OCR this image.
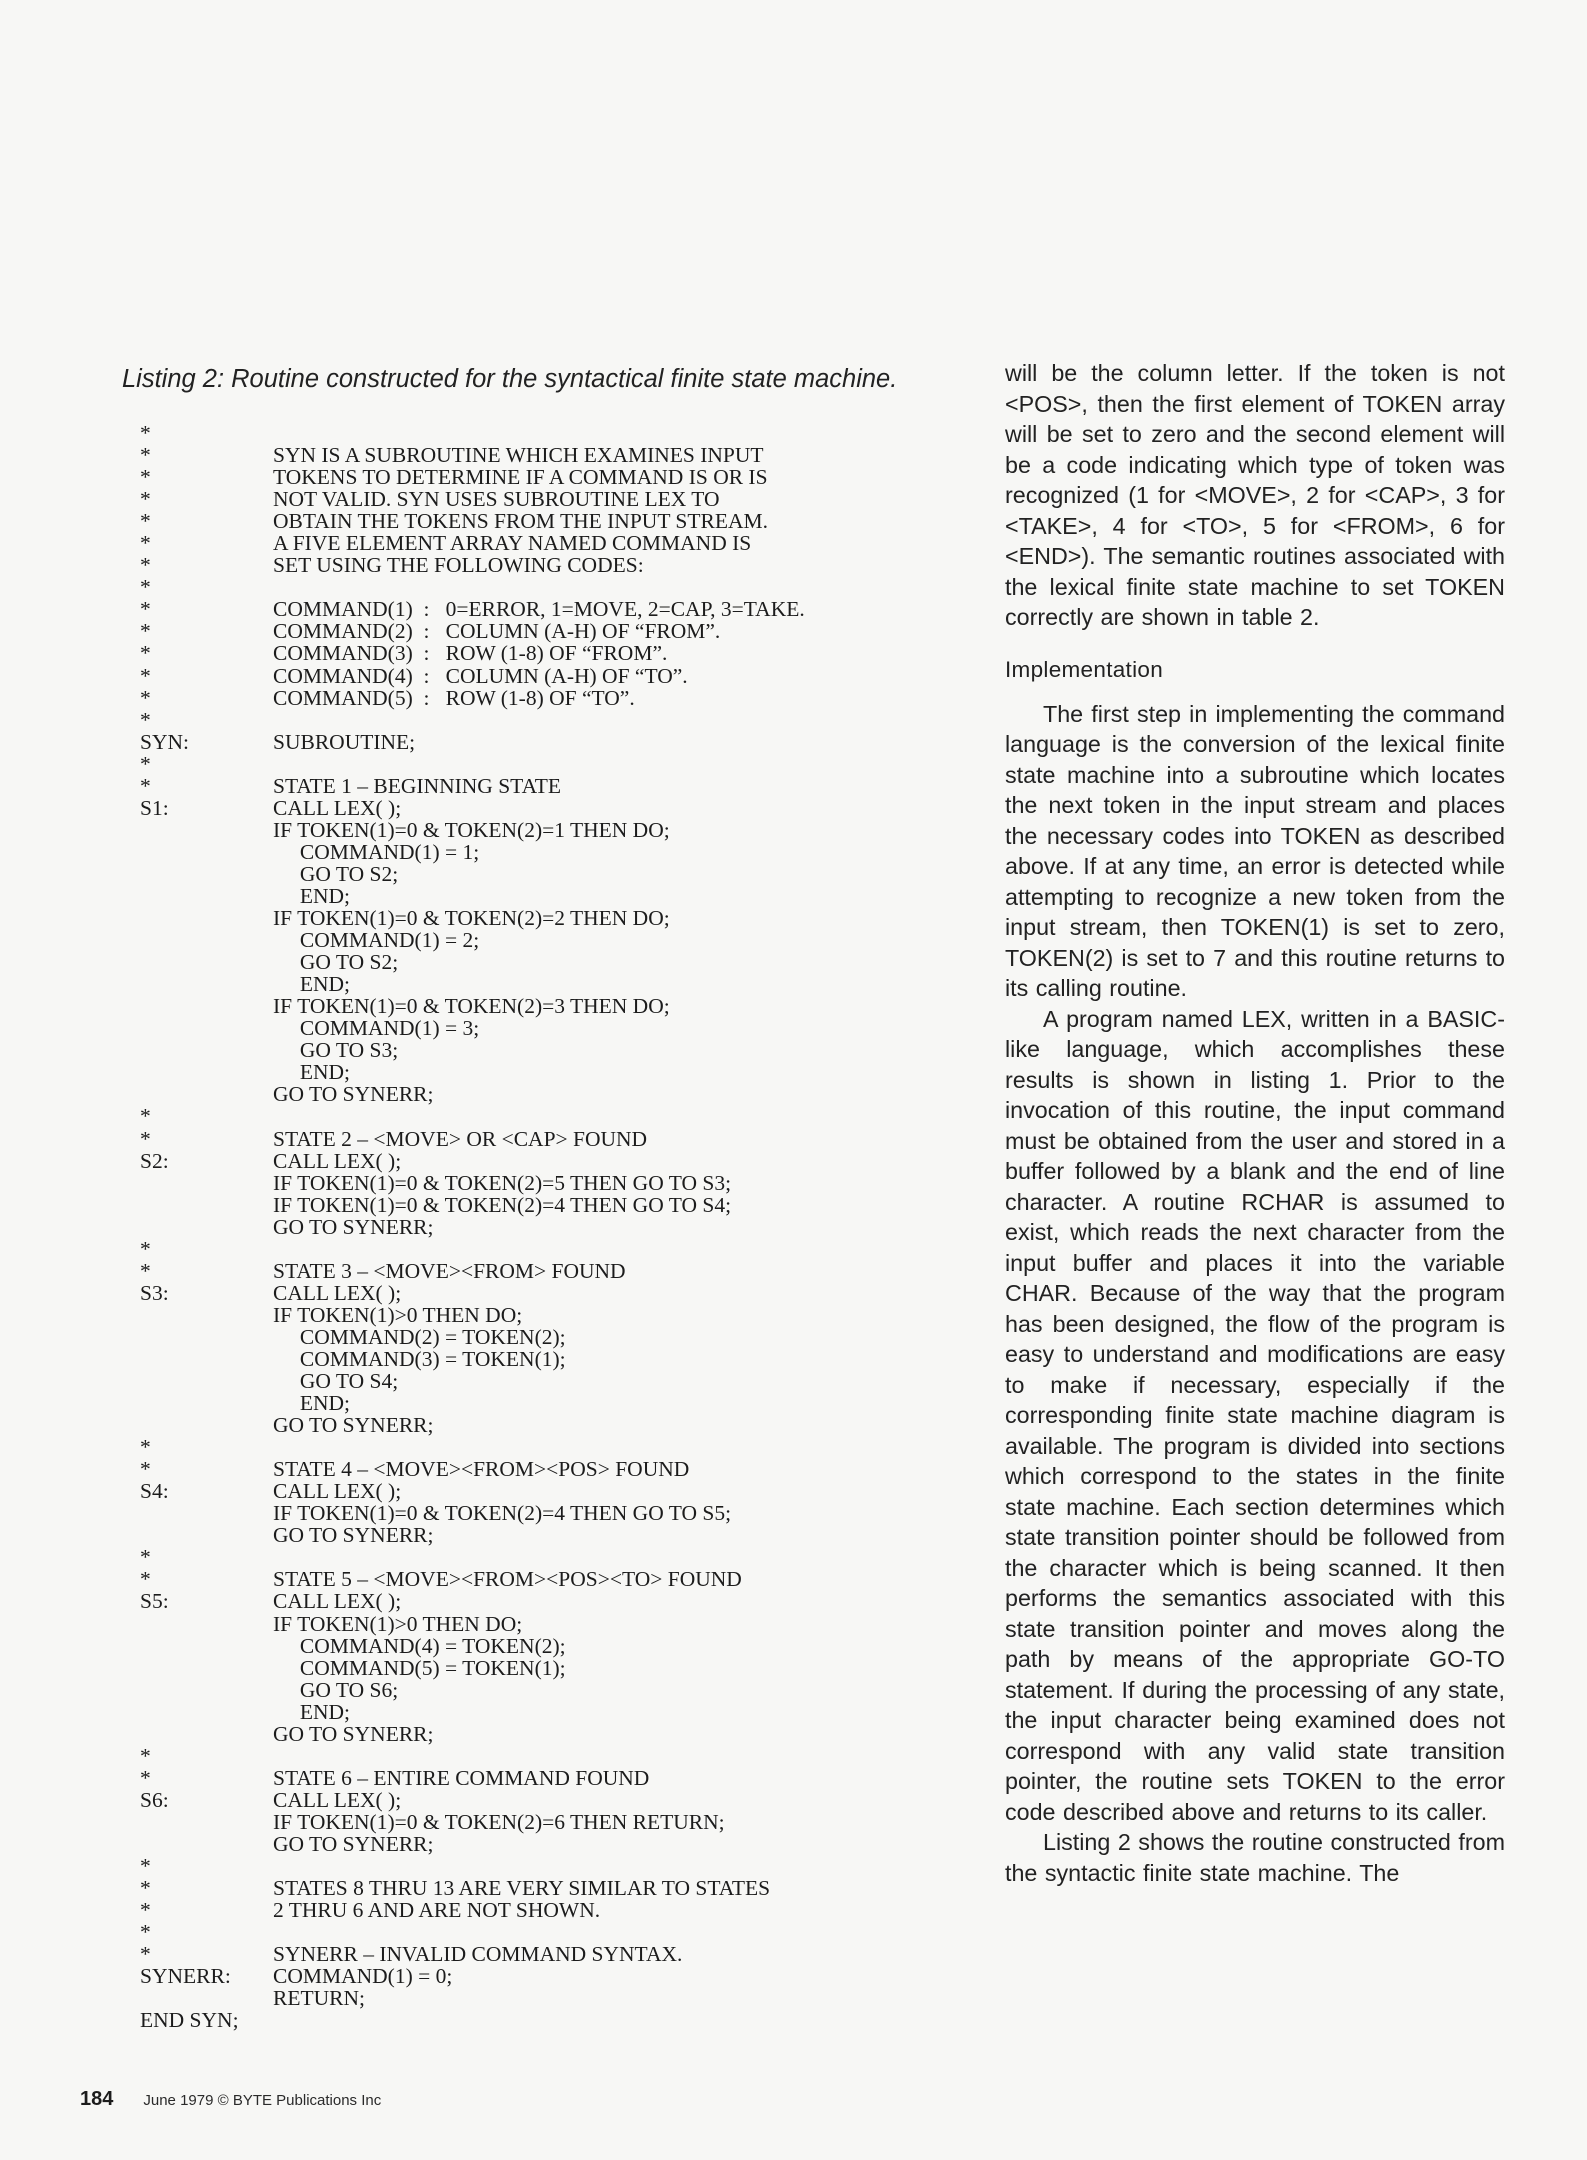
Listing 2: Routine constructed for the syntactical finite state machine.
*
*	SYN IS A SUBROUTINE WHICH EXAMINES INPUT
*	TOKENS TO DETERMINE IF A COMMAND IS OR IS
*	NOT VALID. SYN USES SUBROUTINE LEX TO
*	OBTAIN THE TOKENS FROM THE INPUT STREAM.
*	A FIVE ELEMENT ARRAY NAMED COMMAND IS
*	SET USING THE FOLLOWING CODES:
*
*	COMMAND(1)  :   0=ERROR, 1=MOVE, 2=CAP, 3=TAKE.
*	COMMAND(2)  :   COLUMN (A-H) OF “FROM”.
*	COMMAND(3)  :   ROW (1-8) OF “FROM”.
*	COMMAND(4)  :   COLUMN (A-H) OF “TO”.
*	COMMAND(5)  :   ROW (1-8) OF “TO”.
*
SYN:	SUBROUTINE;
*
*	STATE 1 – BEGINNING STATE
S1:	CALL LEX( );
IF TOKEN(1)=0 & TOKEN(2)=1 THEN DO;
COMMAND(1) = 1;
GO TO S2;
END;
IF TOKEN(1)=0 & TOKEN(2)=2 THEN DO;
COMMAND(1) = 2;
GO TO S2;
END;
IF TOKEN(1)=0 & TOKEN(2)=3 THEN DO;
COMMAND(1) = 3;
GO TO S3;
END;
GO TO SYNERR;
*
*	STATE 2 – <MOVE> OR <CAP> FOUND
S2:	CALL LEX( );
IF TOKEN(1)=0 & TOKEN(2)=5 THEN GO TO S3;
IF TOKEN(1)=0 & TOKEN(2)=4 THEN GO TO S4;
GO TO SYNERR;
*
*	STATE 3 – <MOVE><FROM> FOUND
S3:	CALL LEX( );
IF TOKEN(1)>0 THEN DO;
COMMAND(2) = TOKEN(2);
COMMAND(3) = TOKEN(1);
GO TO S4;
END;
GO TO SYNERR;
*
*	STATE 4 – <MOVE><FROM><POS> FOUND
S4:	CALL LEX( );
IF TOKEN(1)=0 & TOKEN(2)=4 THEN GO TO S5;
GO TO SYNERR;
*
*	STATE 5 – <MOVE><FROM><POS><TO> FOUND
S5:	CALL LEX( );
IF TOKEN(1)>0 THEN DO;
COMMAND(4) = TOKEN(2);
COMMAND(5) = TOKEN(1);
GO TO S6;
END;
GO TO SYNERR;
*
*	STATE 6 – ENTIRE COMMAND FOUND
S6:	CALL LEX( );
IF TOKEN(1)=0 & TOKEN(2)=6 THEN RETURN;
GO TO SYNERR;
*
*	STATES 8 THRU 13 ARE VERY SIMILAR TO STATES
*	2 THRU 6 AND ARE NOT SHOWN.
*
*	SYNERR – INVALID COMMAND SYNTAX.
SYNERR: COMMAND(1) = 0;
RETURN;
END SYN;

will be the column letter. If the token is not <POS>, then the first element of TOKEN array will be set to zero and the second element will be a code indicating which type of token was recognized (1 for <MOVE>, 2 for <CAP>, 3 for <TAKE>, 4 for <TO>, 5 for <FROM>, 6 for <END>). The semantic routines associated with the lexical finite state machine to set TOKEN correctly are shown in table 2.

Implementation

The first step in implementing the command language is the conversion of the lexical finite state machine into a subroutine which locates the next token in the input stream and places the necessary codes into TOKEN as described above. If at any time, an error is detected while attempting to recognize a new token from the input stream, then TOKEN(1) is set to zero, TOKEN(2) is set to 7 and this routine returns to its calling routine.

A program named LEX, written in a BASIC-like language, which accomplishes these results is shown in listing 1. Prior to the invocation of this routine, the input command must be obtained from the user and stored in a buffer followed by a blank and the end of line character. A routine RCHAR is assumed to exist, which reads the next character from the input buffer and places it into the variable CHAR. Because of the way that the program has been designed, the flow of the program is easy to understand and modifications are easy to make if necessary, especially if the corresponding finite state machine diagram is available. The program is divided into sections which correspond to the states in the finite state machine. Each section determines which state transition pointer should be followed from the character which is being scanned. It then performs the semantics associated with this state transition pointer and moves along the path by means of the appropriate GO-TO statement. If during the processing of any state, the input character being examined does not correspond with any valid state transition pointer, the routine sets TOKEN to the error code described above and returns to its caller.

Listing 2 shows the routine constructed from the syntactic finite state machine. The

184 June 1979 © BYTE Publications Inc
